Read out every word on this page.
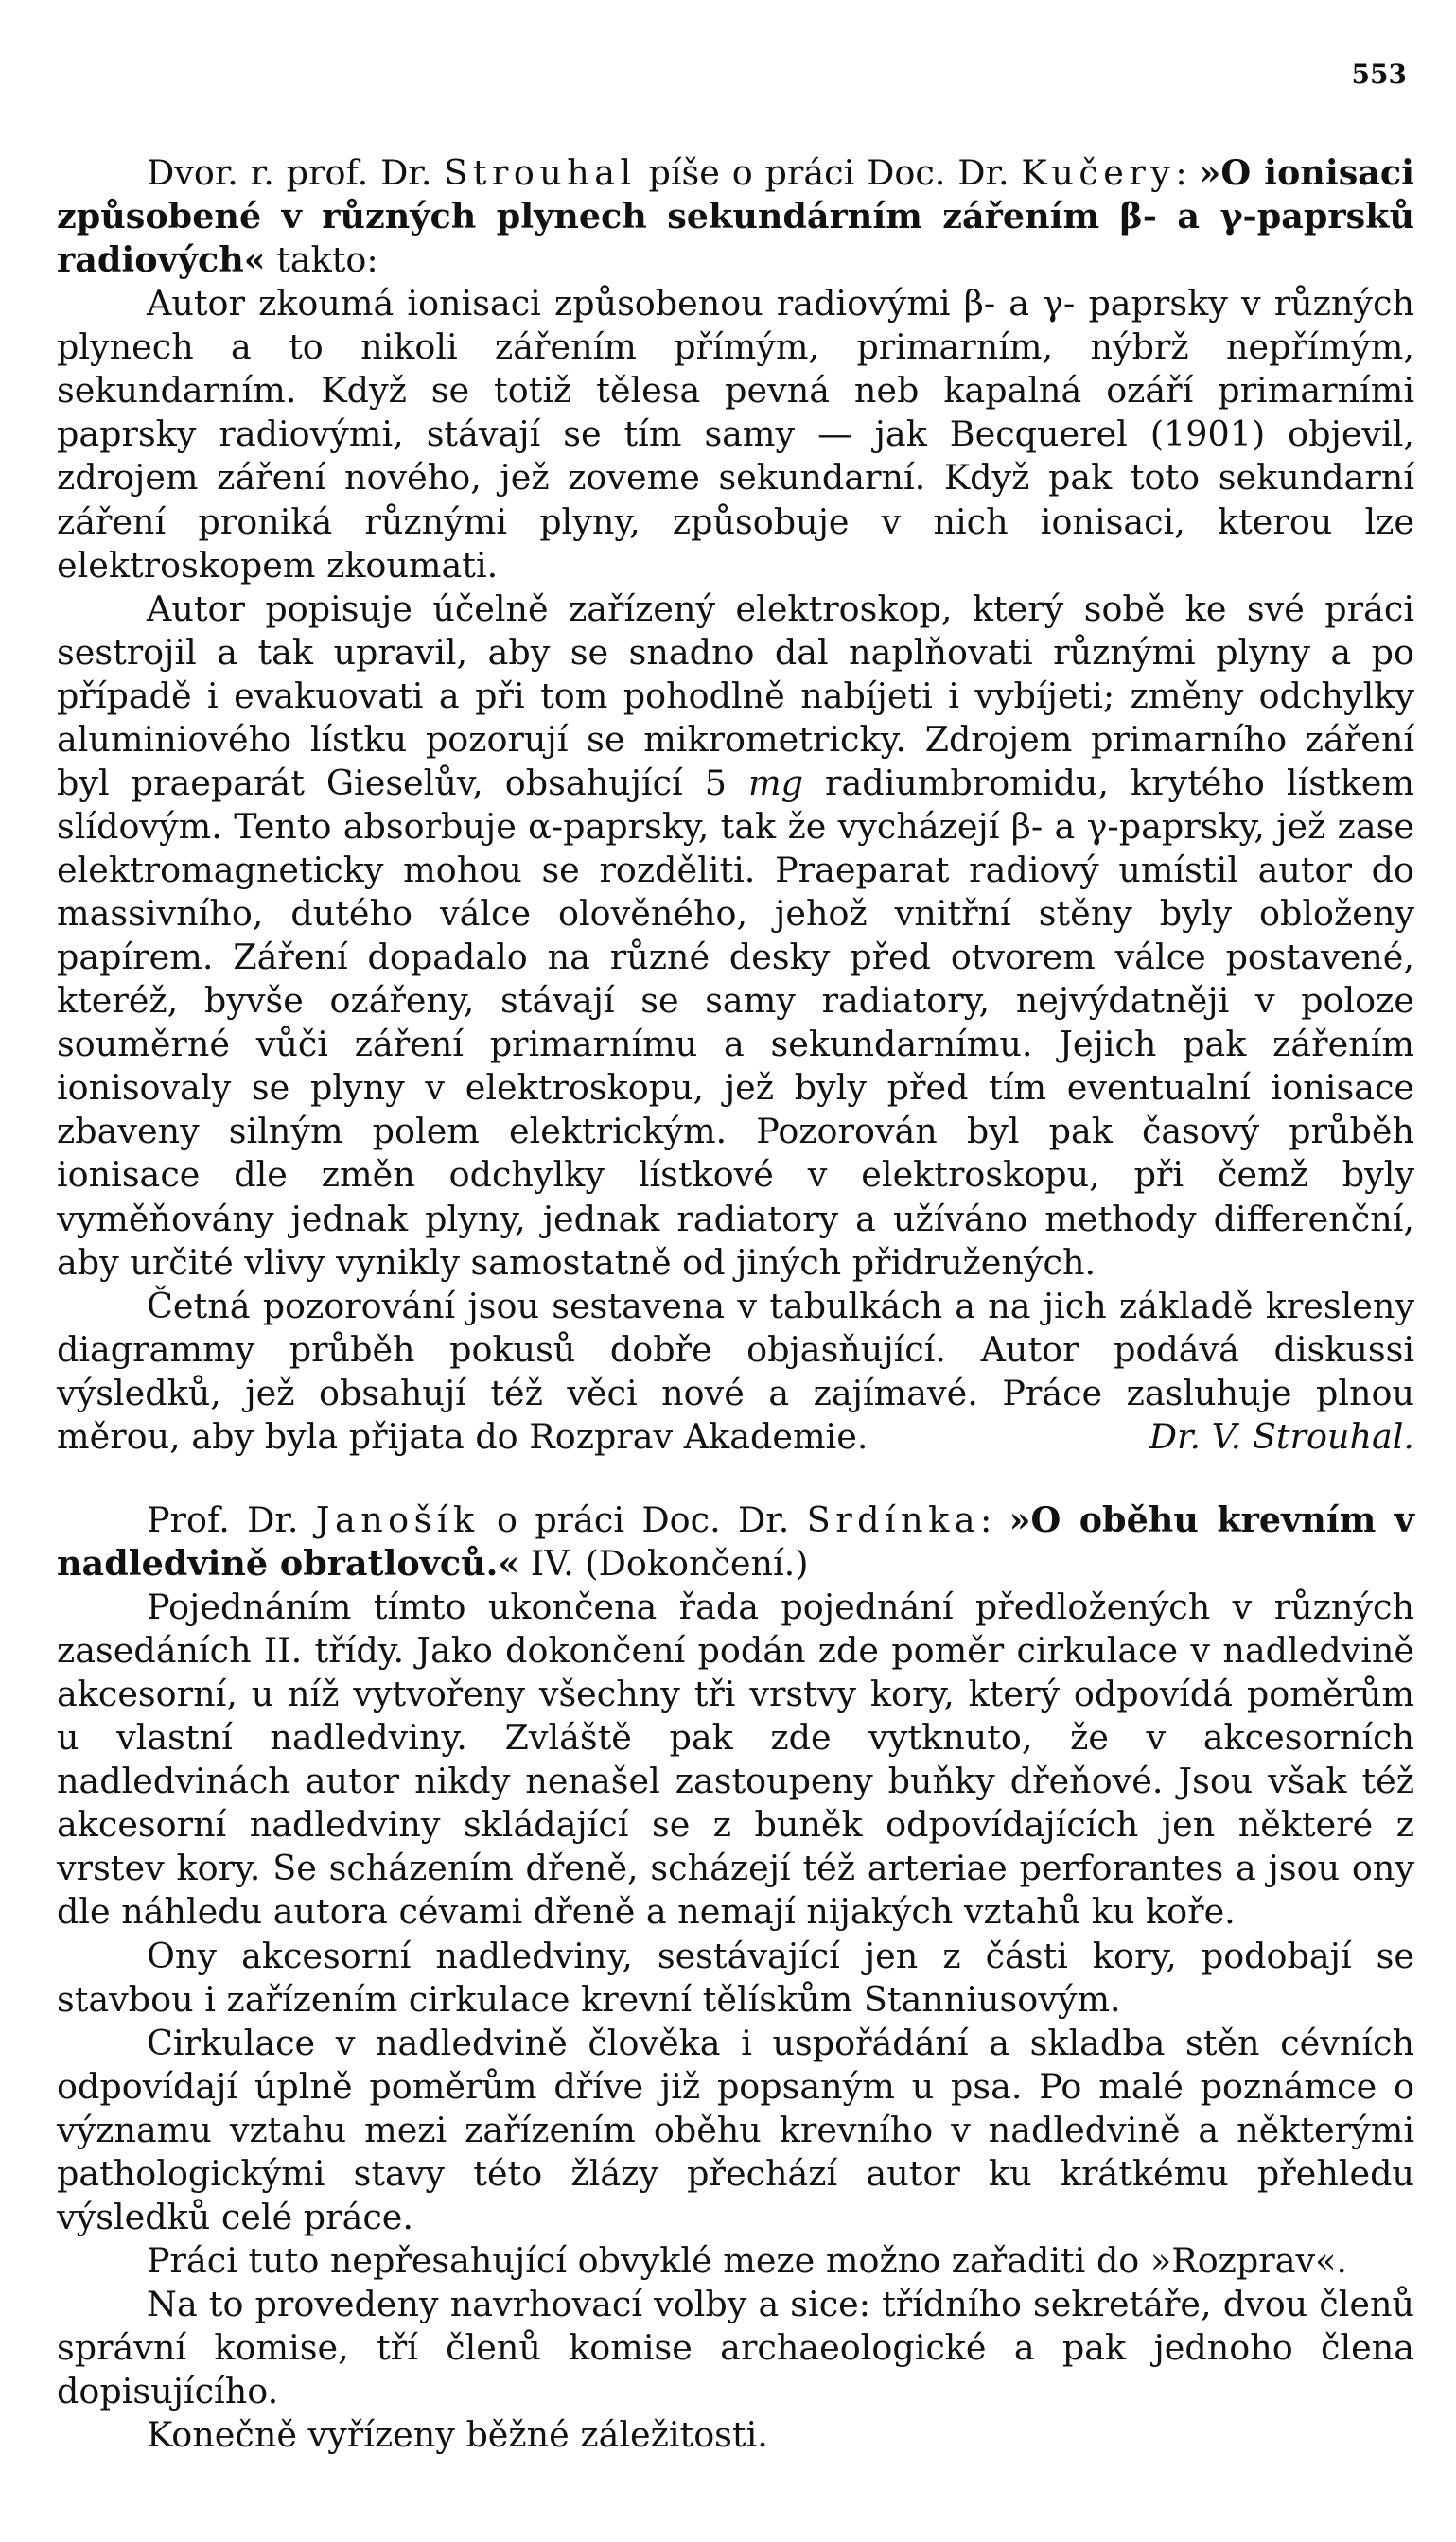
553

Dvor. r. prof. Dr. Strouhal píše o práci Doc. Dr. Kučery: »O ionisaci způsobené v různých plynech sekundárním zářením β- a γ-paprsků radiových« takto:

Autor zkoumá ionisaci způsobenou radiovými β- a γ- paprsky v různých plynech a to nikoli zářením přímým, primarním, nýbrž nepřímým, sekundarním. Když se totiž tělesa pevná neb kapalná ozáří primarními paprsky radiovými, stávají se tím samy — jak Becquerel (1901) objevil, zdrojem záření nového, jež zoveme sekundarní. Když pak toto sekundarní záření proniká různými plyny, způsobuje v nich ionisaci, kterou lze elektroskopem zkoumati.

Autor popisuje účelně zařízený elektroskop, který sobě ke své práci sestrojil a tak upravil, aby se snadno dal naplňovati různými plyny a po případě i evakuovati a při tom pohodlně nabíjeti i vybíjeti; změny odchylky aluminiového lístku pozorují se mikrometricky. Zdrojem primarního záření byl praeparát Gieselův, obsahující 5 mg radiumbromidu, krytého lístkem slídovým. Tento absorbuje α-paprsky, tak že vycházejí β- a γ-paprsky, jež zase elektromagneticky mohou se rozděliti. Praeparat radiový umístil autor do massivního, dutého válce olověného, jehož vnitřní stěny byly obloženy papírem. Záření dopadalo na různé desky před otvorem válce postavené, kteréž, byvše ozářeny, stávají se samy radiatory, nejvýdatněji v poloze souměrné vůči záření primarnímu a sekundarnímu. Jejich pak zářením ionisovaly se plyny v elektroskopu, jež byly před tím eventualní ionisace zbaveny silným polem elektrickým. Pozorován byl pak časový průběh ionisace dle změn odchylky lístkové v elektroskopu, při čemž byly vyměňovány jednak plyny, jednak radiatory a užíváno methody differenční, aby určité vlivy vynikly samostatně od jiných přidružených.

Četná pozorování jsou sestavena v tabulkách a na jich základě kresleny diagrammy průběh pokusů dobře objasňující. Autor podává diskussi výsledků, jež obsahují též věci nové a zajímavé. Práce zasluhuje plnou měrou, aby byla přijata do Rozprav Akademie.	Dr. V. Strouhal.

Prof. Dr. Janošík o práci Doc. Dr. Srdínka: »O oběhu krevním v nadledvině obratlovců.« IV. (Dokončení.)

Pojednáním tímto ukončena řada pojednání předložených v různých zasedáních II. třídy. Jako dokončení podán zde poměr cirkulace v nadledvině akcesorní, u níž vytvořeny všechny tři vrstvy kory, který odpovídá poměrům u vlastní nadledviny. Zvláště pak zde vytknuto, že v akcesorních nadledvinách autor nikdy nenašel zastoupeny buňky dřeňové. Jsou však též akcesorní nadledviny skládající se z buněk odpovídajících jen některé z vrstev kory. Se scházením dřeně, scházejí též arteriae perforantes a jsou ony dle náhledu autora cévami dřeně a nemají nijakých vztahů ku koře.

Ony akcesorní nadledviny, sestávající jen z části kory, podobají se stavbou i zařízením cirkulace krevní tělískům Stanniusovým.

Cirkulace v nadledvině člověka i uspořádání a skladba stěn cévních odpovídají úplně poměrům dříve již popsaným u psa. Po malé poznámce o významu vztahu mezi zařízením oběhu krevního v nadledvině a některými pathologickými stavy této žlázy přechází autor ku krátkému přehledu výsledků celé práce.

Práci tuto nepřesahující obvyklé meze možno zařaditi do »Rozprav«.

Na to provedeny navrhovací volby a sice: třídního sekretáře, dvou členů správní komise, tří členů komise archaeologické a pak jednoho člena dopisujícího.

Konečně vyřízeny běžné záležitosti.
